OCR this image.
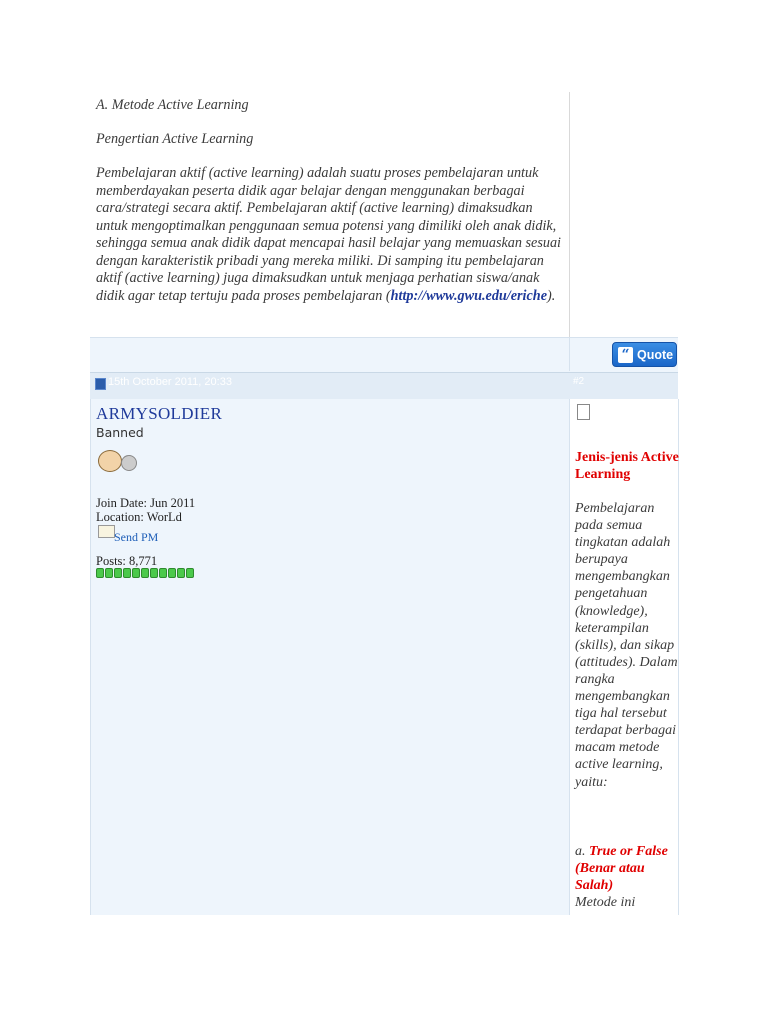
A. Metode Active Learning
Pengertian Active Learning
Pembelajaran aktif (active learning) adalah suatu proses pembelajaran untuk memberdayakan peserta didik agar belajar dengan menggunakan berbagai cara/strategi secara aktif. Pembelajaran aktif (active learning) dimaksudkan untuk mengoptimalkan penggunaan semua potensi yang dimiliki oleh anak didik, sehingga semua anak didik dapat mencapai hasil belajar yang memuaskan sesuai dengan karakteristik pribadi yang mereka miliki. Di samping itu pembelajaran aktif (active learning) juga dimaksudkan untuk menjaga perhatian siswa/anak didik agar tetap tertuju pada proses pembelajaran (http://www.gwu.edu/eriche).
“ Quote
15th October 2011, 20:33	#2
ARMYSOLDIER
Banned
Join Date: Jun 2011
Location: WorLd
Send PM
Posts: 8,771
Jenis-jenis Active Learning
Pembelajaran pada semua tingkatan adalah berupaya mengembangkan pengetahuan (knowledge), keterampilan (skills), dan sikap (attitudes). Dalam rangka mengembangkan tiga hal tersebut terdapat berbagai macam metode active learning, yaitu:
a. True or False (Benar atau Salah)
Metode ini
